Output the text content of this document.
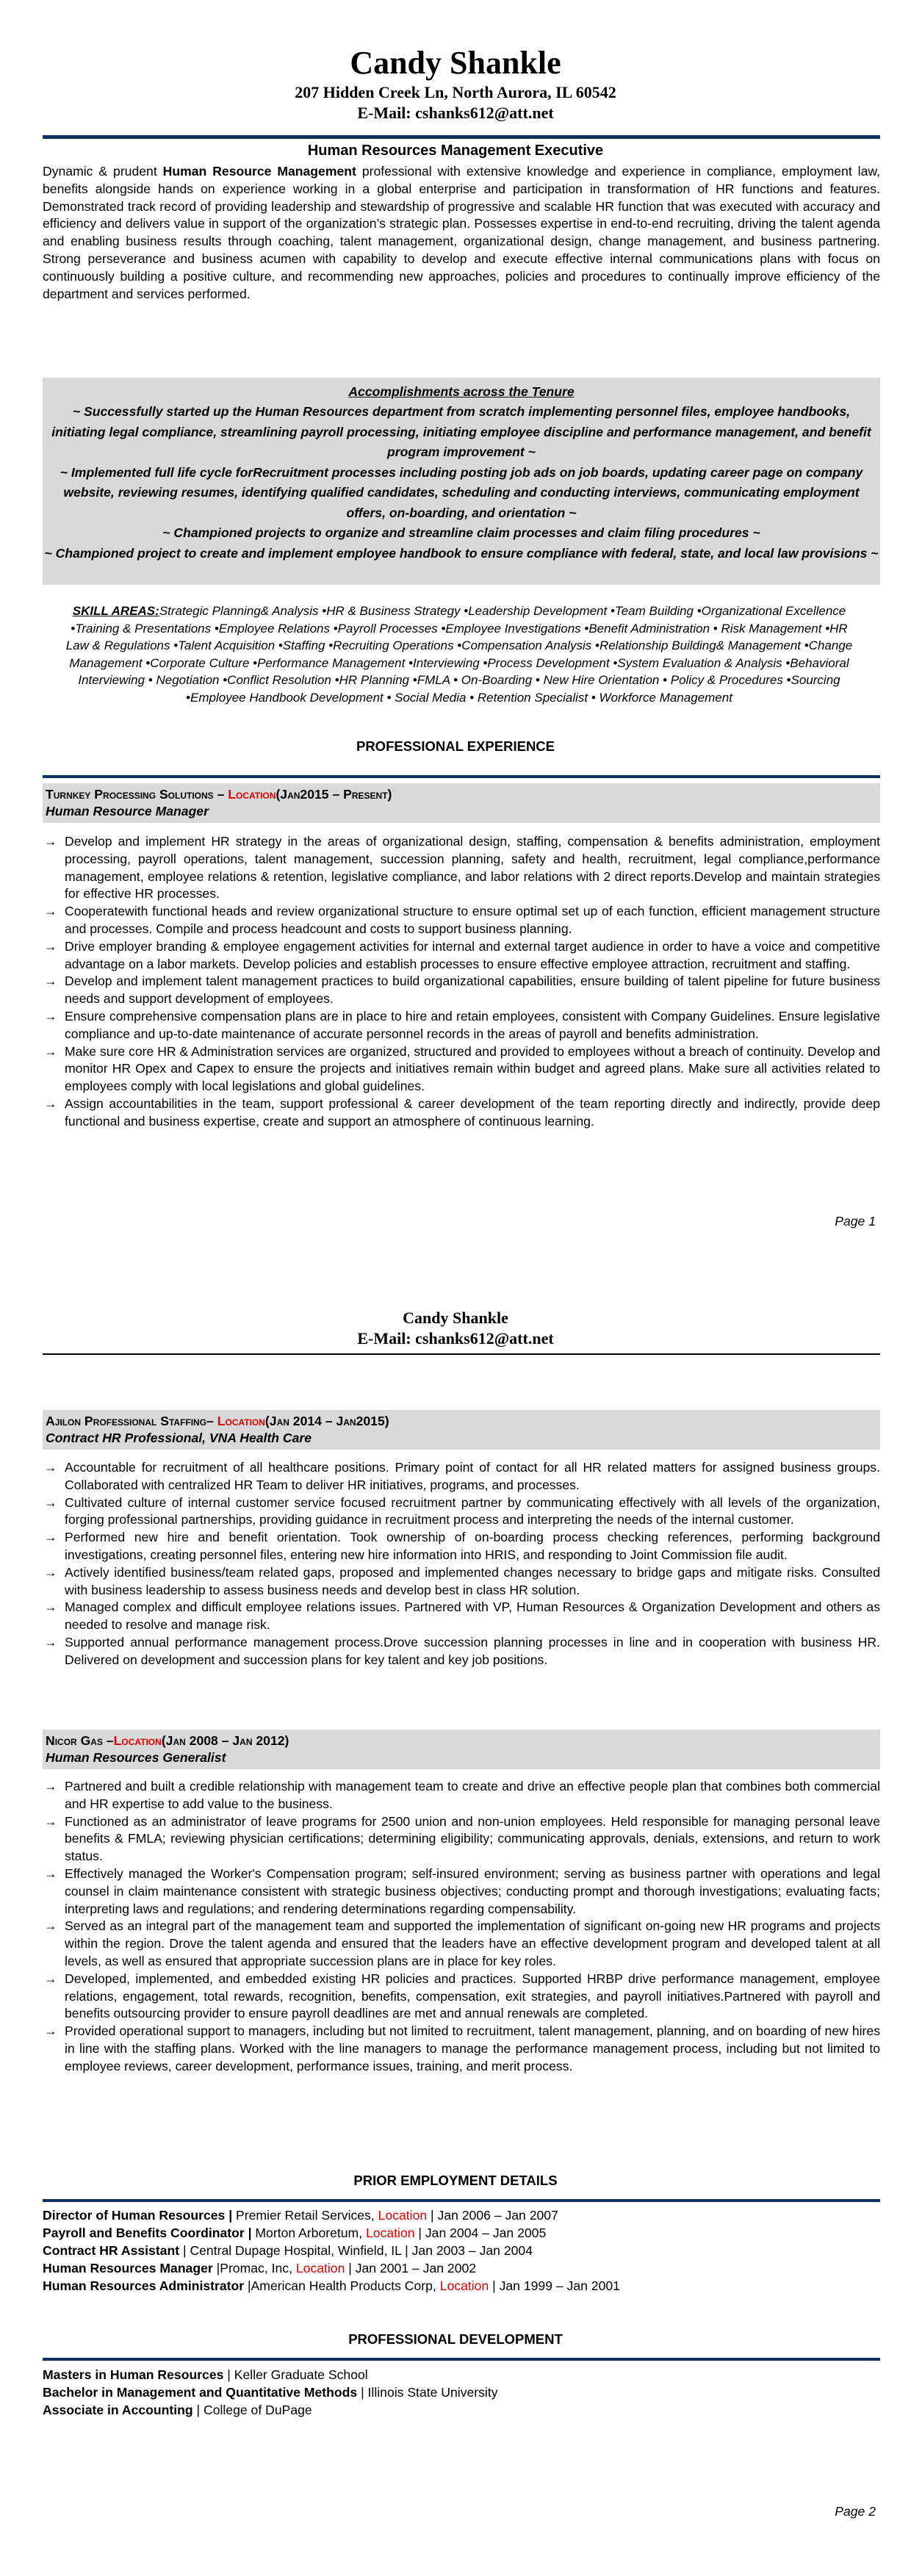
Candy Shankle
207 Hidden Creek Ln, North Aurora, IL 60542
E-Mail: cshanks612@att.net
Human Resources Management Executive
Dynamic & prudent Human Resource Management professional with extensive knowledge and experience in compliance, employment law, benefits alongside hands on experience working in a global enterprise and participation in transformation of HR functions and features. Demonstrated track record of providing leadership and stewardship of progressive and scalable HR function that was executed with accuracy and efficiency and delivers value in support of the organization’s strategic plan. Possesses expertise in end-to-end recruiting, driving the talent agenda and enabling business results through coaching, talent management, organizational design, change management, and business partnering. Strong perseverance and business acumen with capability to develop and execute effective internal communications plans with focus on continuously building a positive culture, and recommending new approaches, policies and procedures to continually improve efficiency of the department and services performed.
Accomplishments across the Tenure
~ Successfully started up the Human Resources department from scratch implementing personnel files, employee handbooks, initiating legal compliance, streamlining payroll processing, initiating employee discipline and performance management, and benefit program improvement ~
~ Implemented full life cycle forRecruitment processes including posting job ads on job boards, updating career page on company website, reviewing resumes, identifying qualified candidates, scheduling and conducting interviews, communicating employment offers, on-boarding, and orientation ~
~ Championed projects to organize and streamline claim processes and claim filing procedures ~
~ Championed project to create and implement employee handbook to ensure compliance with federal, state, and local law provisions ~
SKILL AREAS:Strategic Planning& Analysis •HR & Business Strategy •Leadership Development •Team Building •Organizational Excellence •Training & Presentations •Employee Relations •Payroll Processes •Employee Investigations •Benefit Administration • Risk Management •HR Law & Regulations •Talent Acquisition •Staffing •Recruiting Operations •Compensation Analysis •Relationship Building& Management •Change Management •Corporate Culture •Performance Management •Interviewing •Process Development •System Evaluation & Analysis •Behavioral Interviewing • Negotiation •Conflict Resolution •HR Planning •FMLA • On-Boarding • New Hire Orientation • Policy & Procedures •Sourcing •Employee Handbook Development • Social Media • Retention Specialist • Workforce Management
PROFESSIONAL EXPERIENCE
Turnkey Processing Solutions – Location(Jan2015 – Present)
Human Resource Manager
→ Develop and implement HR strategy in the areas of organizational design, staffing, compensation & benefits administration, employment processing, payroll operations, talent management, succession planning, safety and health, recruitment, legal compliance,performance management, employee relations & retention, legislative compliance, and labor relations with 2 direct reports.Develop and maintain strategies for effective HR processes.
→ Cooperatewith functional heads and review organizational structure to ensure optimal set up of each function, efficient management structure and processes. Compile and process headcount and costs to support business planning.
→ Drive employer branding & employee engagement activities for internal and external target audience in order to have a voice and competitive advantage on a labor markets. Develop policies and establish processes to ensure effective employee attraction, recruitment and staffing.
→ Develop and implement talent management practices to build organizational capabilities, ensure building of talent pipeline for future business needs and support development of employees.
→ Ensure comprehensive compensation plans are in place to hire and retain employees, consistent with Company Guidelines. Ensure legislative compliance and up-to-date maintenance of accurate personnel records in the areas of payroll and benefits administration.
→ Make sure core HR & Administration services are organized, structured and provided to employees without a breach of continuity. Develop and monitor HR Opex and Capex to ensure the projects and initiatives remain within budget and agreed plans. Make sure all activities related to employees comply with local legislations and global guidelines.
→ Assign accountabilities in the team, support professional & career development of the team reporting directly and indirectly, provide deep functional and business expertise, create and support an atmosphere of continuous learning.
Page 1
Candy Shankle
E-Mail: cshanks612@att.net
Ajilon Professional Staffing– Location(Jan 2014 – Jan2015)
Contract HR Professional, VNA Health Care
→ Accountable for recruitment of all healthcare positions. Primary point of contact for all HR related matters for assigned business groups. Collaborated with centralized HR Team to deliver HR initiatives, programs, and processes.
→ Cultivated culture of internal customer service focused recruitment partner by communicating effectively with all levels of the organization, forging professional partnerships, providing guidance in recruitment process and interpreting the needs of the internal customer.
→ Performed new hire and benefit orientation. Took ownership of on-boarding process checking references, performing background investigations, creating personnel files, entering new hire information into HRIS, and responding to Joint Commission file audit.
→ Actively identified business/team related gaps, proposed and implemented changes necessary to bridge gaps and mitigate risks. Consulted with business leadership to assess business needs and develop best in class HR solution.
→ Managed complex and difficult employee relations issues. Partnered with VP, Human Resources & Organization Development and others as needed to resolve and manage risk.
→ Supported annual performance management process.Drove succession planning processes in line and in cooperation with business HR. Delivered on development and succession plans for key talent and key job positions.
Nicor Gas –Location(Jan 2008 – Jan 2012)
Human Resources Generalist
→ Partnered and built a credible relationship with management team to create and drive an effective people plan that combines both commercial and HR expertise to add value to the business.
→ Functioned as an administrator of leave programs for 2500 union and non-union employees. Held responsible for managing personal leave benefits & FMLA; reviewing physician certifications; determining eligibility; communicating approvals, denials, extensions, and return to work status.
→ Effectively managed the Worker's Compensation program; self-insured environment; serving as business partner with operations and legal counsel in claim maintenance consistent with strategic business objectives; conducting prompt and thorough investigations; evaluating facts; interpreting laws and regulations; and rendering determinations regarding compensability.
→ Served as an integral part of the management team and supported the implementation of significant on-going new HR programs and projects within the region. Drove the talent agenda and ensured that the leaders have an effective development program and developed talent at all levels, as well as ensured that appropriate succession plans are in place for key roles.
→ Developed, implemented, and embedded existing HR policies and practices. Supported HRBP drive performance management, employee relations, engagement, total rewards, recognition, benefits, compensation, exit strategies, and payroll initiatives.Partnered with payroll and benefits outsourcing provider to ensure payroll deadlines are met and annual renewals are completed.
→ Provided operational support to managers, including but not limited to recruitment, talent management, planning, and on boarding of new hires in line with the staffing plans. Worked with the line managers to manage the performance management process, including but not limited to employee reviews, career development, performance issues, training, and merit process.
PRIOR EMPLOYMENT DETAILS
Director of Human Resources | Premier Retail Services, Location | Jan 2006 – Jan 2007
Payroll and Benefits Coordinator | Morton Arboretum, Location | Jan 2004 – Jan 2005
Contract HR Assistant | Central Dupage Hospital, Winfield, IL | Jan 2003 – Jan 2004
Human Resources Manager |Promac, Inc, Location | Jan 2001 – Jan 2002
Human Resources Administrator |American Health Products Corp, Location | Jan 1999 – Jan 2001
PROFESSIONAL DEVELOPMENT
Masters in Human Resources | Keller Graduate School
Bachelor in Management and Quantitative Methods | Illinois State University
Associate in Accounting | College of DuPage
Page 2
